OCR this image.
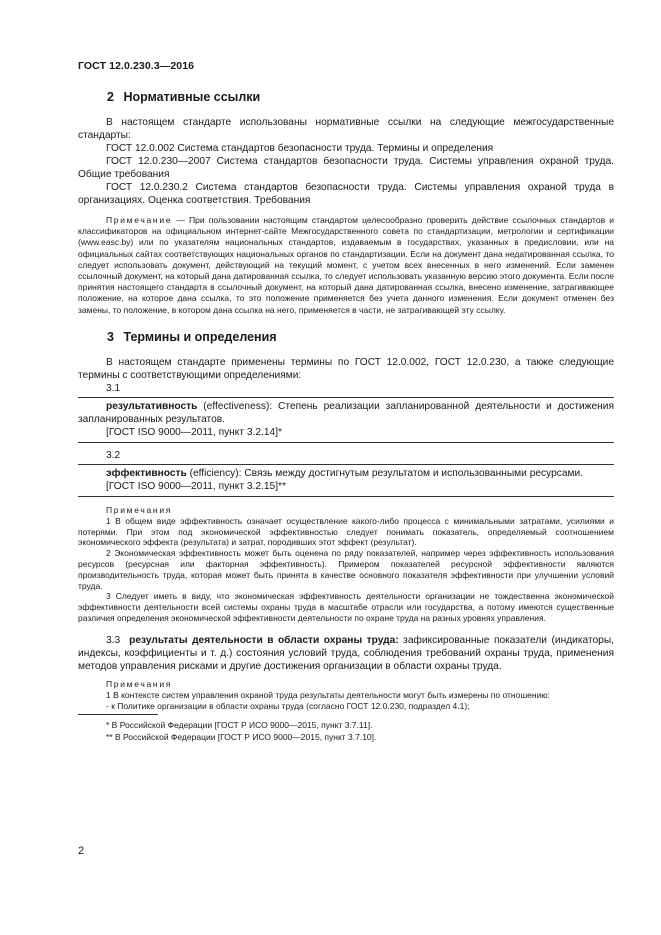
ГОСТ 12.0.230.3—2016
2 Нормативные ссылки

В настоящем стандарте использованы нормативные ссылки на следующие межгосударственные стандарты:

ГОСТ 12.0.002 Система стандартов безопасности труда. Термины и определения

ГОСТ 12.0.230—2007 Система стандартов безопасности труда. Системы управления охраной труда. Общие требования

ГОСТ 12.0.230.2 Система стандартов безопасности труда. Системы управления охраной труда в организациях. Оценка соответствия. Требования

Примечание — При пользовании настоящим стандартом целесообразно проверить действие ссылочных стандартов и классификаторов на официальном интернет-сайте Межгосударственного совета по стандартизации, метрологии и сертификации (www.easc.by) или по указателям национальных стандартов, издаваемым в государствах, указанных в предисловии, или на официальных сайтах соответствующих национальных органов по стандартизации. Если на документ дана недатированная ссылка, то следует использовать документ, действующий на текущий момент, с учетом всех внесенных в него изменений. Если заменен ссылочный документ, на который дана датированная ссылка, то следует использовать указанную версию этого документа. Если после принятия настоящего стандарта в ссылочный документ, на который дана датированная ссылка, внесено изменение, затрагивающее положение, на которое дана ссылка, то это положение применяется без учета данного изменения. Если документ отменен без замены, то положение, в котором дана ссылка на него, применяется в части, не затрагивающей эту ссылку.

3 Термины и определения

В настоящем стандарте применены термины по ГОСТ 12.0.002, ГОСТ 12.0.230, а также следующие термины с соответствующими определениями:

3.1

результативность (effectiveness): Степень реализации запланированной деятельности и достижения запланированных результатов.

[ГОСТ ISO 9000—2011, пункт 3.2.14]*

3.2

эффективность (efficiency): Связь между достигнутым результатом и использованными ресурсами.

[ГОСТ ISO 9000—2011, пункт 3.2.15]**

Примечания

1 В общем виде эффективность означает осуществление какого-либо процесса с минимальными затратами, усилиями и потерями. При этом под экономической эффективностью следует понимать показатель, определяемый соотношением экономического эффекта (результата) и затрат, породивших этот эффект (результат).

2 Экономическая эффективность может быть оценена по ряду показателей, например через эффективность использования ресурсов (ресурсная или факторная эффективность). Примером показателей ресурсной эффективности являются производительность труда, которая может быть принята в качестве основного показателя эффективности при улучшении условий труда.

3 Следует иметь в виду, что экономическая эффективность деятельности организации не тождественна экономической эффективности деятельности всей системы охраны труда в масштабе отрасли или государства, а потому имеются существенные различия определения экономической эффективности деятельности по охране труда на разных уровнях управления.

3.3 результаты деятельности в области охраны труда: зафиксированные показатели (индикаторы, индексы, коэффициенты и т. д.) состояния условий труда, соблюдения требований охраны труда, применения методов управления рисками и другие достижения организации в области охраны труда.

Примечания

1 В контексте систем управления охраной труда результаты деятельности могут быть измерены по отношению:

- к Политике организации в области охраны труда (согласно ГОСТ 12.0.230, подраздел 4.1);

* В Российской Федерации [ГОСТ Р ИСО 9000—2015, пункт 3.7.11].

** В Российской Федерации [ГОСТ Р ИСО 9000—2015, пункт 3.7.10].

2
